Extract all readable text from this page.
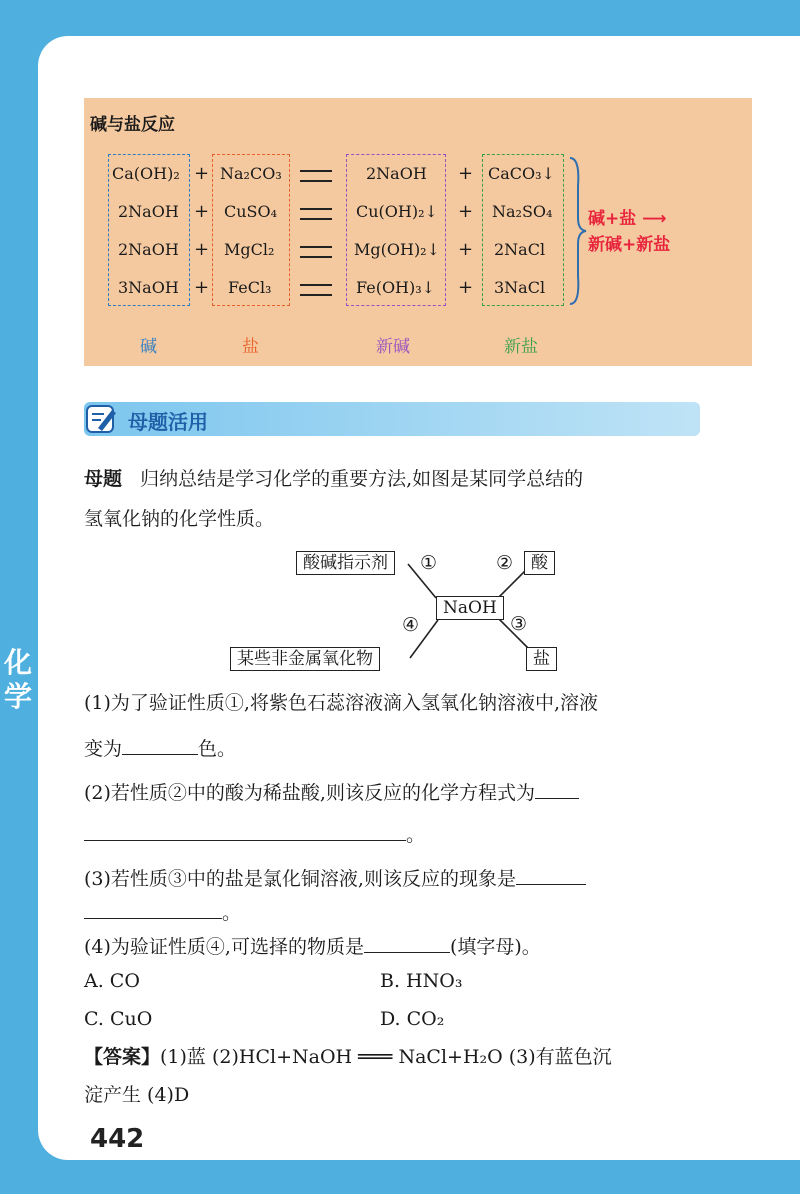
碱与盐反应
Ca(OH)₂ + Na₂CO₃	2NaOH + CaCO₃↓
2NaOH + CuSO₄	Cu(OH)₂↓ + Na₂SO₄
2NaOH + MgCl₂	Mg(OH)₂↓ + 2NaCl
3NaOH + FeCl₃	Fe(OH)₃↓ + 3NaCl
碱	盐	新碱	新盐
碱+盐 ⟶
新碱+新盐
母题活用
母题 归纳总结是学习化学的重要方法,如图是某同学总结的
氢氧化钠的化学性质。
酸碱指示剂	酸
NaOH
某些非金属氧化物	盐
①	②
③
④
(1)为了验证性质①,将紫色石蕊溶液滴入氢氧化钠溶液中,溶液
变为	色。
(2)若性质②中的酸为稀盐酸,则该反应的化学方程式为
。
(3)若性质③中的盐是氯化铜溶液,则该反应的现象是
。
(4)为验证性质④,可选择的物质是	(填字母)。
A. CO	B. HNO₃
C. CuO	D. CO₂
【答案】(1)蓝 (2)HCl+NaOH ═══ NaCl+H₂O (3)有蓝色沉
淀产生 (4)D
化
学
442
